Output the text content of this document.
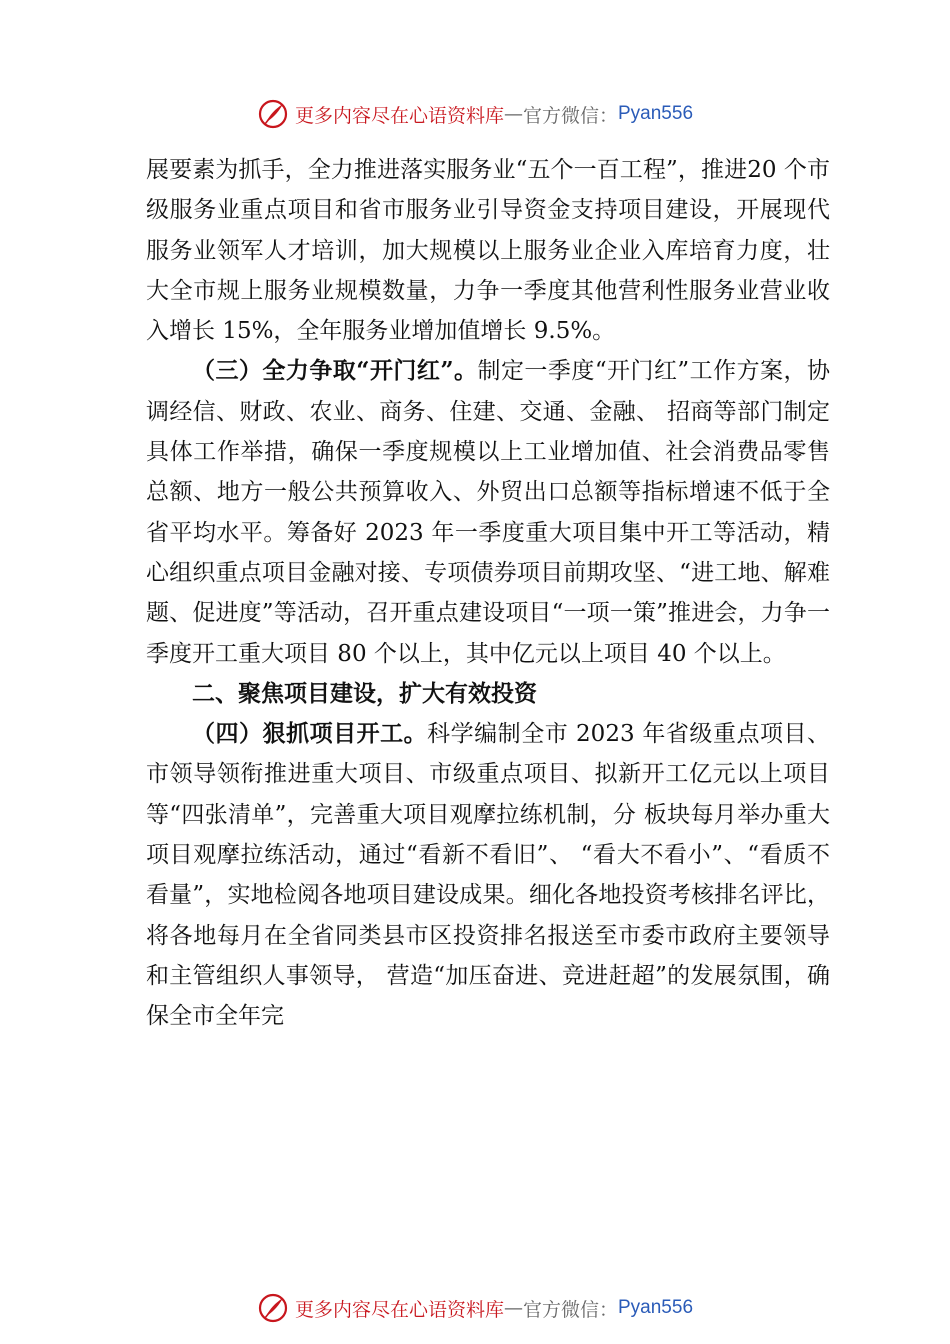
更多内容尽在心语资料库 — 官方微信： Pyan556

展要素为抓手，全力推进落实服务业“五个一百工程”，推进20 个市级服务业重点项目和省市服务业引导资金支持项目建设，开展现代服务业领军人才培训，加大规模以上服务业企业入库培育力度，壮大全市规上服务业规模数量，力争一季度其他营利性服务业营业收入增长 15%，全年服务业增加值增长 9.5%。

（三）全力争取“开门红”。制定一季度“开门红”工作方案，协调经信、财政、农业、商务、住建、交通、金融、 招商等部门制定具体工作举措，确保一季度规模以上工业增加值、社会消费品零售总额、地方一般公共预算收入、外贸出口总额等指标增速不低于全省平均水平。筹备好 2023 年一季度重大项目集中开工等活动，精心组织重点项目金融对接、专项债券项目前期攻坚、“进工地、解难题、促进度”等活动，召开重点建设项目“一项一策”推进会，力争一季度开工重大项目 80 个以上，其中亿元以上项目 40 个以上。

二、聚焦项目建设，扩大有效投资

（四）狠抓项目开工。科学编制全市 2023 年省级重点项目、市领导领衔推进重大项目、市级重点项目、拟新开工亿元以上项目等“四张清单”，完善重大项目观摩拉练机制，分 板块每月举办重大项目观摩拉练活动，通过“看新不看旧”、 “看大不看小”、“看质不看量”，实地检阅各地项目建设成果。细化各地投资考核排名评比，将各地每月在全省同类县市区投资排名报送至市委市政府主要领导和主管组织人事领导， 营造“加压奋进、竞进赶超”的发展氛围，确保全市全年完

更多内容尽在心语资料库 — 官方微信： Pyan556
